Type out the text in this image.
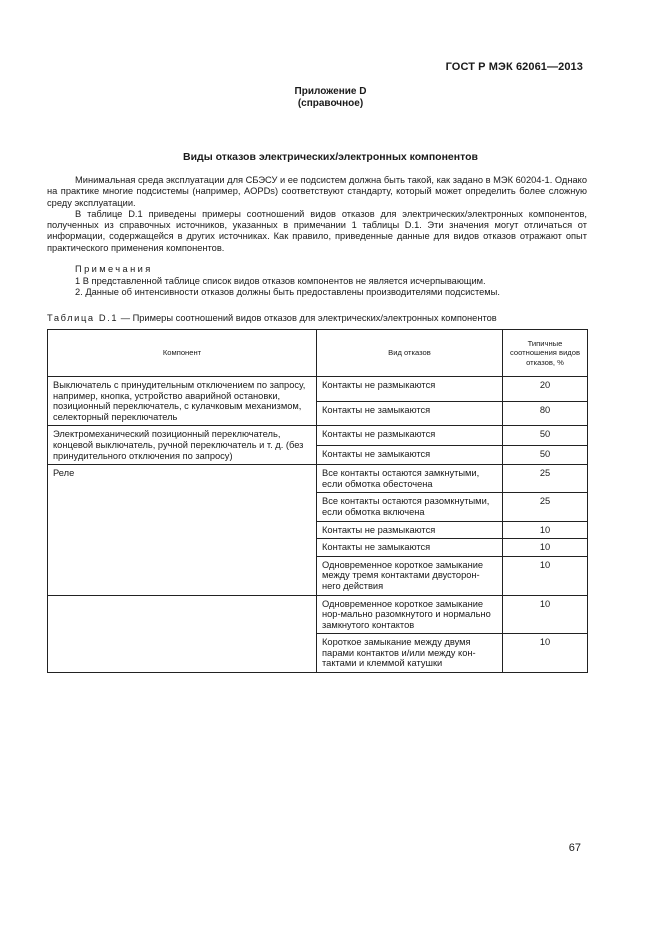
ГОСТ Р МЭК 62061—2013
Приложение D
(справочное)
Виды отказов электрических/электронных компонентов

Минимальная среда эксплуатации для СБЭСУ и ее подсистем должна быть такой, как задано в МЭК 60204-1. Однако на практике многие подсистемы (например, AOPDs) соответствуют стандарту, который может определить более сложную среду эксплуатации.

В таблице D.1 приведены примеры соотношений видов отказов для электрических/электронных компонентов, полученных из справочных источников, указанных в примечании 1 таблицы D.1. Эти значения могут отличаться от информации, содержащейся в других источниках. Как правило, приведенные данные для видов отказов отражают опыт практического применения компонентов.

Примечания
1 В представленной таблице список видов отказов компонентов не является исчерпывающим.
2. Данные об интенсивности отказов должны быть предоставлены производителями подсистемы.
Таблица D.1 — Примеры соотношений видов отказов для электрических/электронных компонентов
Компонент	Вид отказов	Типичные соотношения видов отказов, %
Выключатель с принудительным отключением по запросу, например, кнопка, устройство аварийной остановки, позиционный переключатель, с кулачковым механизмом, селекторный переключатель	Контакты не размыкаются	20
	Контакты не замыкаются	80
Электромеханический позиционный переключатель, концевой выключатель, ручной переключатель и т. д. (без принудительного отключения по запросу)	Контакты не размыкаются	50
	Контакты не замыкаются	50
Реле	Все контакты остаются замкнутыми, если обмотка обесточена	25
	Все контакты остаются разомкнутыми, если обмотка включена	25
	Контакты не размыкаются	10
	Контакты не замыкаются	10
	Одновременное короткое замыкание между тремя контактами двусторон-него действия	10
	Одновременное короткое замыкание нор-мально разомкнутого и нормально замкнутого контактов	10
	Короткое замыкание между двумя парами контактов и/или между кон-тактами и клеммой катушки	10
67
